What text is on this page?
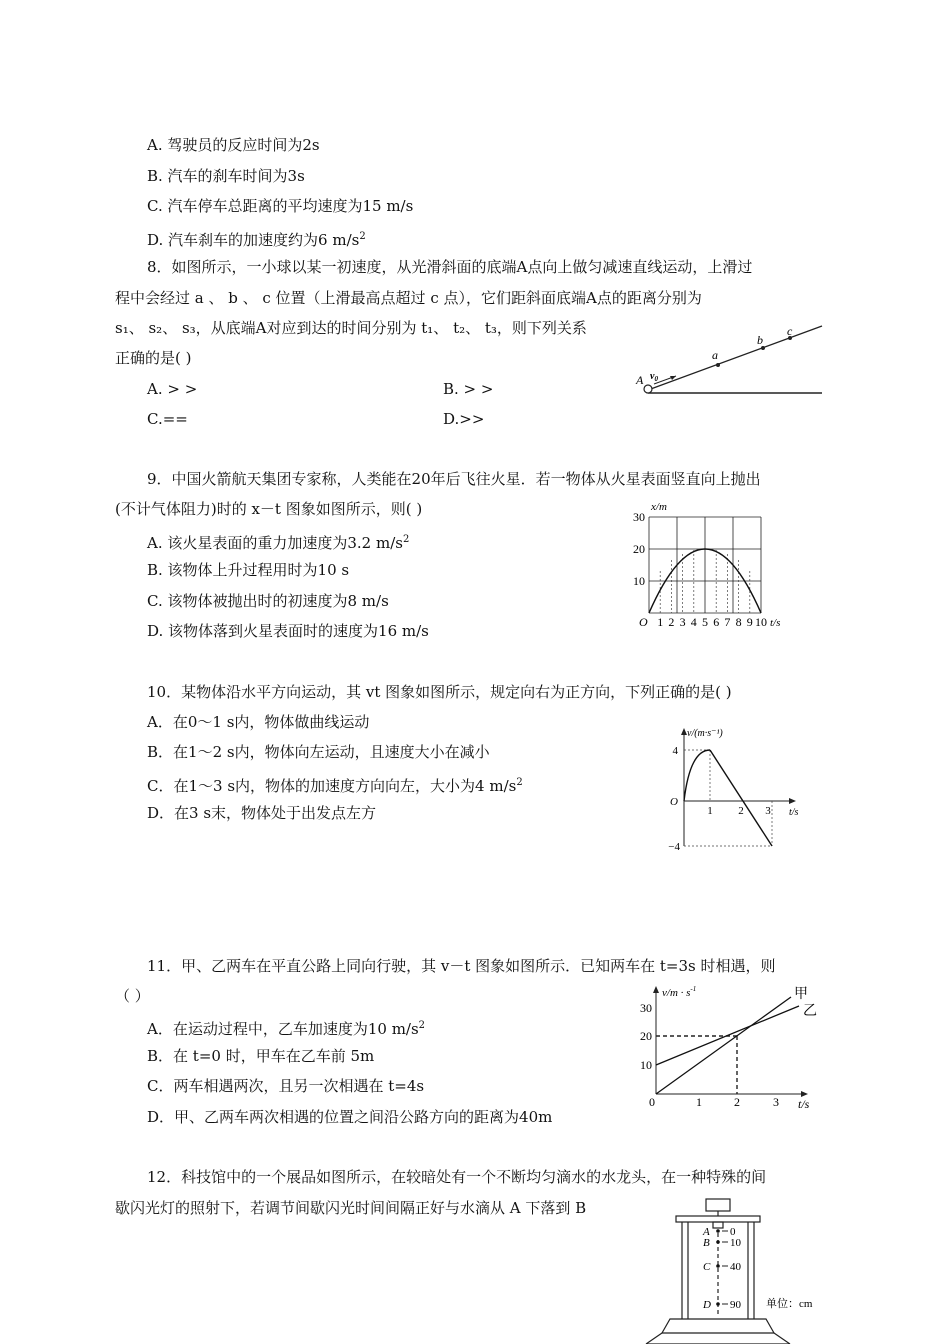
A. 驾驶员的反应时间为2s
B. 汽车的刹车时间为3s
C. 汽车停车总距离的平均速度为15 m/s
D. 汽车刹车的加速度约为6 $m/s^2$
8．如图所示，一小球以某一初速度，从光滑斜面的底端A点向上做匀减速直线运动，上滑过
程中会经过 a 、 b 、 c 位置（上滑最高点超过 c 点），它们距斜面底端A点的距离分别为
s₁、 s₂、 s₃，从底端A对应到达的时间分别为 t₁、 t₂、 t₃，则下列关系
正确的是( )
A. > >	B. > >
C.==	D.>>
A $v_0$
a
b
c
9．中国火箭航天集团专家称，人类能在20年后飞往火星．若一物体从火星表面竖直向上抛出
(不计气体阻力)时的 x－t 图象如图所示，则( )
A. 该火星表面的重力加速度为3.2 $m/s^2$
B. 该物体上升过程用时为10 s
C. 该物体被抛出时的初速度为8 m/s
D. 该物体落到火星表面时的速度为16 m/s
x/m
t/s
30
20
10
O 1 2 3 4 5 6 7 8 9 10
10．某物体沿水平方向运动，其 vt 图象如图所示，规定向右为正方向，下列正确的是( )
A．在0～1 s内，物体做曲线运动
B．在1～2 s内，物体向左运动，且速度大小在减小
C．在1～3 s内，物体的加速度方向向左，大小为4 $m/s^2$
D．在3 s末，物体处于出发点左方
v/(m·s⁻¹)
t/s
4
−4
O
1 2 3
11．甲、乙两车在平直公路上同向行驶，其 v－t 图象如图所示．已知两车在 t=3s 时相遇，则
（ ）
A．在运动过程中，乙车加速度为10 $m/s^2$
B．在 t=0 时，甲车在乙车前 5m
C．两车相遇两次，且另一次相遇在 t=4s
D．甲、乙两车两次相遇的位置之间沿公路方向的距离为40m
$v/m \cdot s^{-1}$
t/s
30
20
10
0	1	2	3
甲
乙
12．科技馆中的一个展品如图所示，在较暗处有一个不断均匀滴水的水龙头，在一种特殊的间
歇闪光灯的照射下，若调节间歇闪光时间间隔正好与水滴从 A 下落到 B
A
B
C
D
0
10
40
90 单位：cm
